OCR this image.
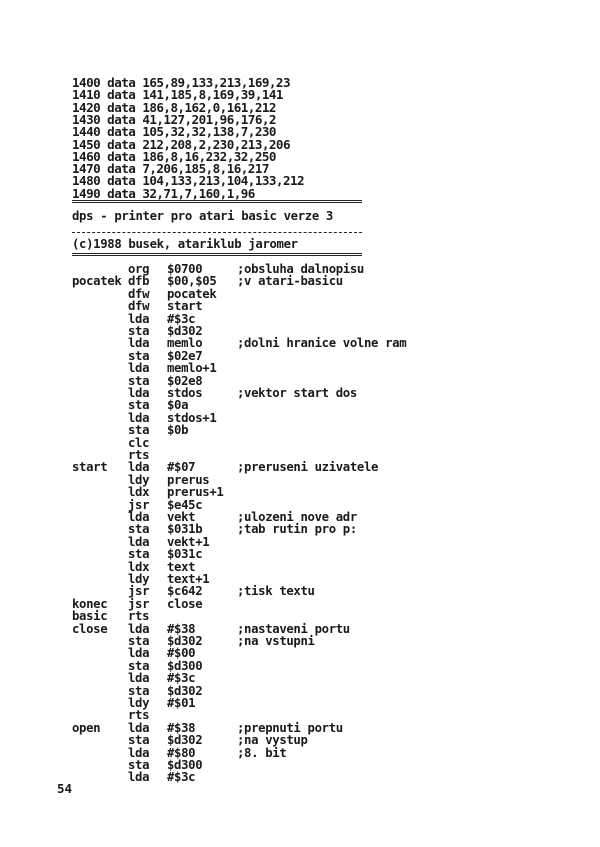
1400 data 165,89,133,213,169,23
1410 data 141,185,8,169,39,141
1420 data 186,8,162,0,161,212
1430 data 41,127,201,96,176,2
1440 data 105,32,32,138,7,230
1450 data 212,208,2,230,213,206
1460 data 186,8,16,232,32,250
1470 data 7,206,185,8,16,217
1480 data 104,133,213,104,133,212
1490 data 32,71,7,160,1,96
dps - printer pro atari basic verze 3
(c)1988 busek, atariklub jaromer
org $0700	;obsluha dalnopisu
pocatek dfb $00,$05 ;v atari-basicu
dfw pocatek
dfw start
lda #$3c
sta $d302
lda memlo	;dolni hranice volne ram
sta $02e7
lda memlo+1
sta $02e8
lda stdos	;vektor start dos
sta $0a
lda stdos+1
sta $0b
clc
rts
start lda #$07	;preruseni uzivatele
ldy prerus
ldx prerus+1
jsr $e45c
lda vekt	;ulozeni nove adr
sta $031b	;tab rutin pro p:
lda vekt+1
sta $031c
ldx text
ldy text+1
jsr $c642	;tisk textu
konec jsr close
basic rts
close lda #$38	;nastaveni portu
sta $d302	;na vstupni
lda #$00
sta $d300
lda #$3c
sta $d302
ldy #$01
rts
open lda #$38	;prepnuti portu
sta $d302	;na vystup
lda #$80	;8. bit
sta $d300
lda #$3c
54
